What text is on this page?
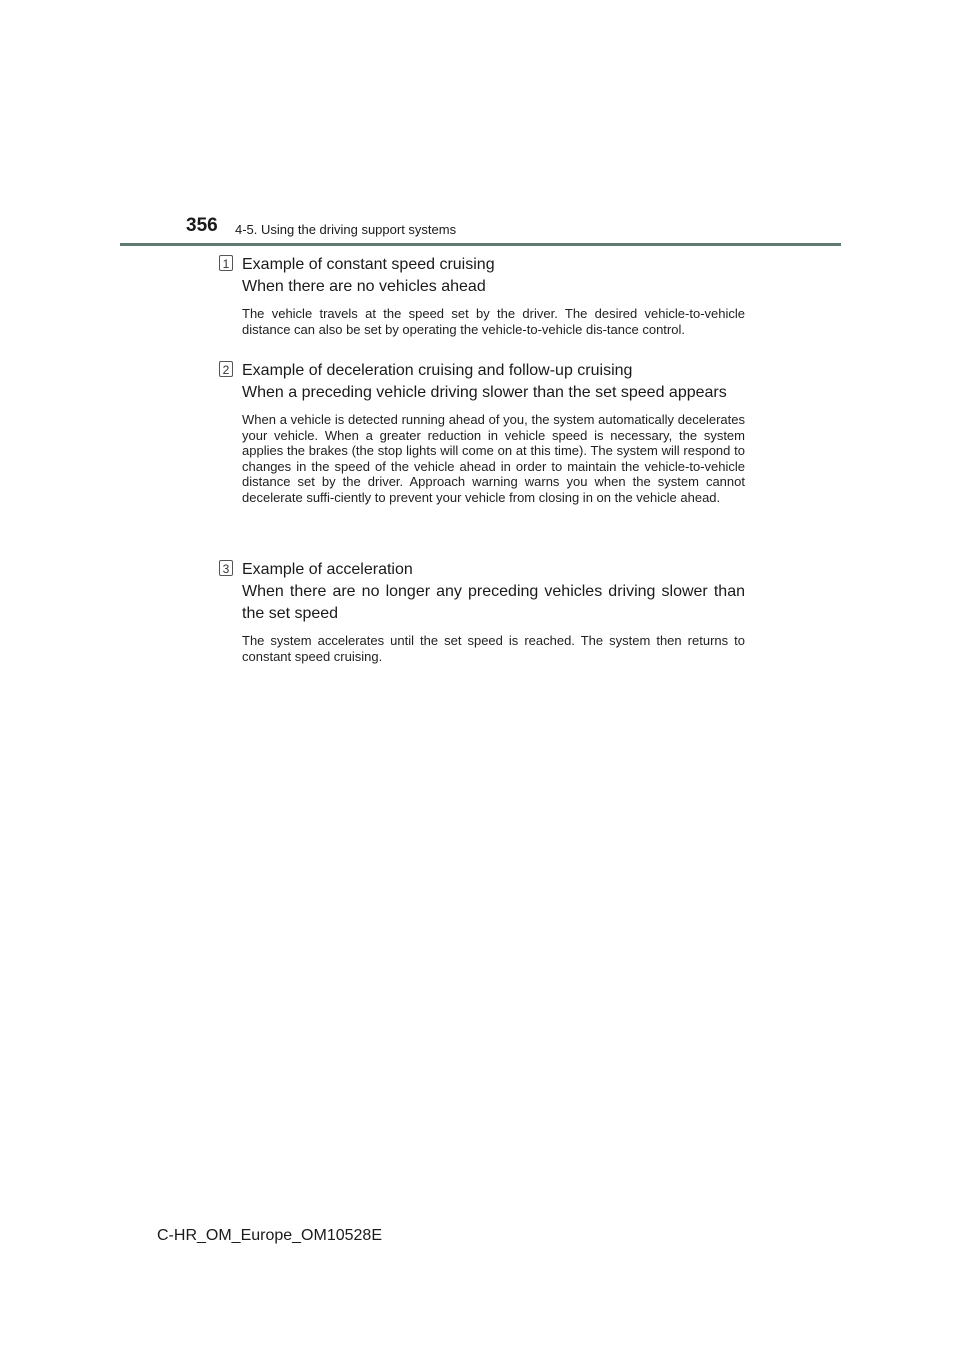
356 4-5. Using the driving support systems
1 Example of constant speed cruising
When there are no vehicles ahead
The vehicle travels at the speed set by the driver. The desired vehicle-to-vehicle distance can also be set by operating the vehicle-to-vehicle dis-tance control.
2 Example of deceleration cruising and follow-up cruising
When a preceding vehicle driving slower than the set speed appears
When a vehicle is detected running ahead of you, the system automatically decelerates your vehicle. When a greater reduction in vehicle speed is necessary, the system applies the brakes (the stop lights will come on at this time). The system will respond to changes in the speed of the vehicle ahead in order to maintain the vehicle-to-vehicle distance set by the driver. Approach warning warns you when the system cannot decelerate suffi-ciently to prevent your vehicle from closing in on the vehicle ahead.
3 Example of acceleration
When there are no longer any preceding vehicles driving slower than the set speed
The system accelerates until the set speed is reached. The system then returns to constant speed cruising.
C-HR_OM_Europe_OM10528E
